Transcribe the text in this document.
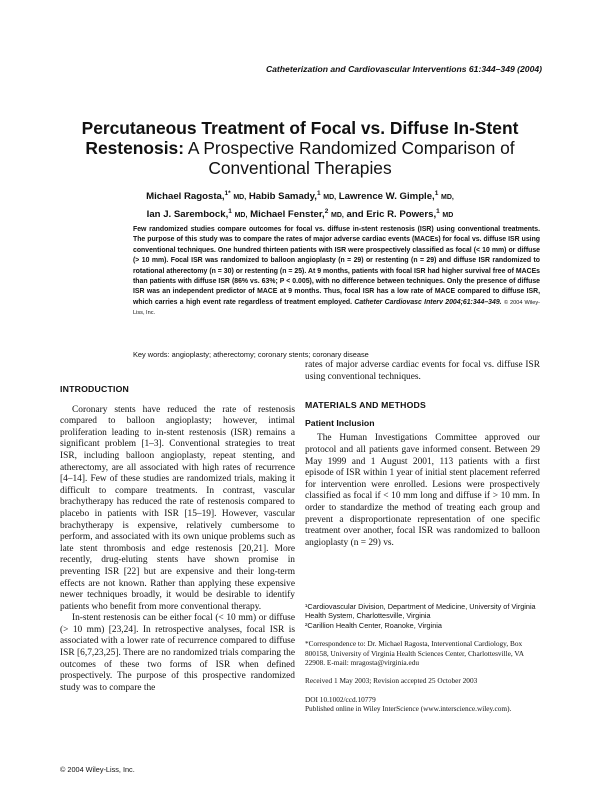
Catheterization and Cardiovascular Interventions 61:344–349 (2004)
Percutaneous Treatment of Focal vs. Diffuse In-Stent Restenosis: A Prospective Randomized Comparison of Conventional Therapies
Michael Ragosta,$^{1*}$ MD, Habib Samady,$^1$ MD, Lawrence W. Gimple,$^1$ MD,
Ian J. Sarembock,$^1$ MD, Michael Fenster,$^2$ MD, and Eric R. Powers,$^1$ MD
Few randomized studies compare outcomes for focal vs. diffuse in-stent restenosis (ISR) using conventional treatments. The purpose of this study was to compare the rates of major adverse cardiac events (MACEs) for focal vs. diffuse ISR using conventional techniques. One hundred thirteen patients with ISR were prospectively classified as focal (< 10 mm) or diffuse (> 10 mm). Focal ISR was randomized to balloon angioplasty (n = 29) or restenting (n = 29) and diffuse ISR randomized to rotational atherectomy (n = 30) or restenting (n = 25). At 9 months, patients with focal ISR had higher survival free of MACEs than patients with diffuse ISR (86% vs. 63%; P < 0.005), with no difference between techniques. Only the presence of diffuse ISR was an independent predictor of MACE at 9 months. Thus, focal ISR has a low rate of MACE compared to diffuse ISR, which carries a high event rate regardless of treatment employed. Catheter Cardiovasc Interv 2004;61:344–349. © 2004 Wiley-Liss, Inc.
Key words: angioplasty; atherectomy; coronary stents; coronary disease
INTRODUCTION

Coronary stents have reduced the rate of restenosis compared to balloon angioplasty; however, intimal proliferation leading to in-stent restenosis (ISR) remains a significant problem [1–3]. Conventional strategies to treat ISR, including balloon angioplasty, repeat stenting, and atherectomy, are all associated with high rates of recurrence [4–14]. Few of these studies are randomized trials, making it difficult to compare treatments. In contrast, vascular brachytherapy has reduced the rate of restenosis compared to placebo in patients with ISR [15–19]. However, vascular brachytherapy is expensive, relatively cumbersome to perform, and associated with its own unique problems such as late stent thrombosis and edge restenosis [20,21]. More recently, drug-eluting stents have shown promise in preventing ISR [22] but are expensive and their long-term effects are not known. Rather than applying these expensive newer techniques broadly, it would be desirable to identify patients who benefit from more conventional therapy.

In-stent restenosis can be either focal (< 10 mm) or diffuse (> 10 mm) [23,24]. In retrospective analyses, focal ISR is associated with a lower rate of recurrence compared to diffuse ISR [6,7,23,25]. There are no randomized trials comparing the outcomes of these two forms of ISR when defined prospectively. The purpose of this prospective randomized study was to compare the

rates of major adverse cardiac events for focal vs. diffuse ISR using conventional techniques.

MATERIALS AND METHODS
Patient Inclusion

The Human Investigations Committee approved our protocol and all patients gave informed consent. Between 29 May 1999 and 1 August 2001, 113 patients with a first episode of ISR within 1 year of initial stent placement referred for intervention were enrolled. Lesions were prospectively classified as focal if < 10 mm long and diffuse if > 10 mm. In order to standardize the method of treating each group and prevent a disproportionate representation of one specific treatment over another, focal ISR was randomized to balloon angioplasty (n = 29) vs.

¹Cardiovascular Division, Department of Medicine, University of Virginia Health System, Charlottesville, Virginia

²Carillion Health Center, Roanoke, Virginia

*Correspondence to: Dr. Michael Ragosta, Interventional Cardiology, Box 800158, University of Virginia Health Sciences Center, Charlottesville, VA 22908. E-mail: mragosta@virginia.edu

Received 1 May 2003; Revision accepted 25 October 2003

DOI 10.1002/ccd.10779

Published online in Wiley InterScience (www.interscience.wiley.com).

© 2004 Wiley-Liss, Inc.
